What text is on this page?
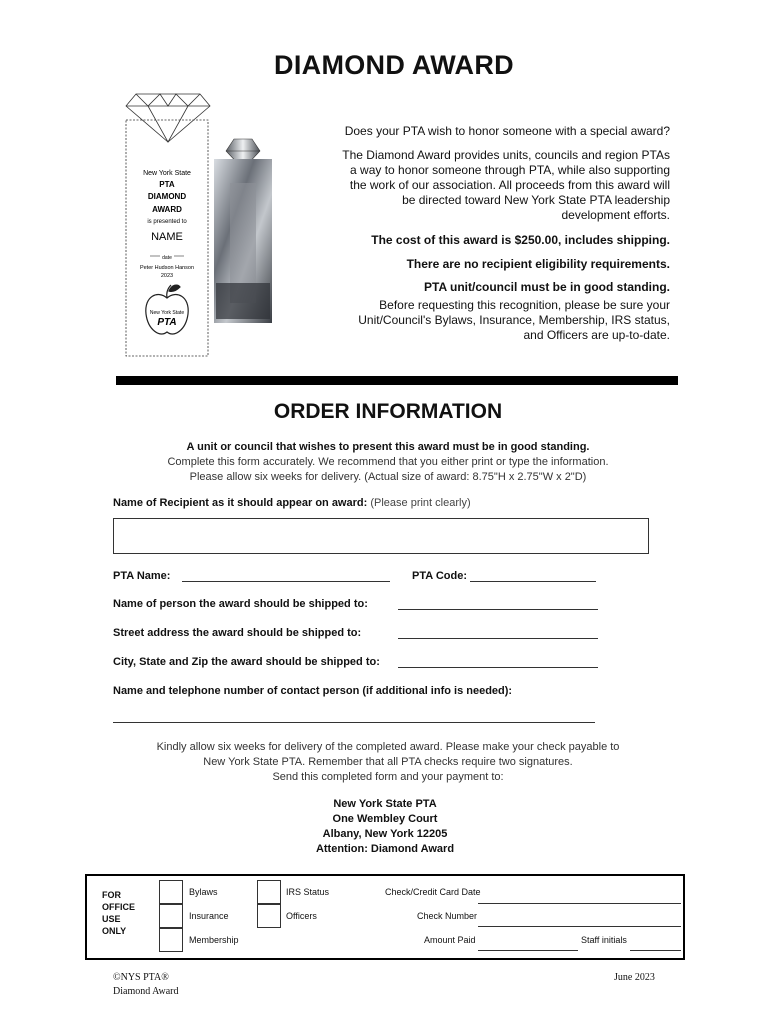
DIAMOND AWARD
New York State
PTA
DIAMOND
AWARD
is presented to
NAME
date
Peter Hudson Hanson
2023
New York State
PTA
Does your PTA wish to honor someone with a special award?
The Diamond Award provides units, councils and region PTAs
a way to honor someone through PTA, while also supporting
the work of our association. All proceeds from this award will
be directed toward New York State PTA leadership
development efforts.
The cost of this award is $250.00, includes shipping.
There are no recipient eligibility requirements.
PTA unit/council must be in good standing.
Before requesting this recognition, please be sure your
Unit/Council's Bylaws, Insurance, Membership, IRS status,
and Officers are up-to-date.
ORDER INFORMATION
A unit or council that wishes to present this award must be in good standing.
Complete this form accurately. We recommend that you either print or type the information.
Please allow six weeks for delivery. (Actual size of award: 8.75"H x 2.75"W x 2"D)
Name of Recipient as it should appear on award: (Please print clearly)
PTA Name:	PTA Code:
Name of person the award should be shipped to:
Street address the award should be shipped to:
City, State and Zip the award should be shipped to:
Name and telephone number of contact person (if additional info is needed):
Kindly allow six weeks for delivery of the completed award. Please make your check payable to
New York State PTA. Remember that all PTA checks require two signatures.
Send this completed form and your payment to:
New York State PTA
One Wembley Court
Albany, New York 12205
Attention: Diamond Award
FOR
OFFICE
USE
ONLY
Bylaws
Insurance
Membership
IRS Status
Officers
Check/Credit Card Date
Check Number
Amount Paid	Staff initials
©NYS PTA®
Diamond Award
June 2023
